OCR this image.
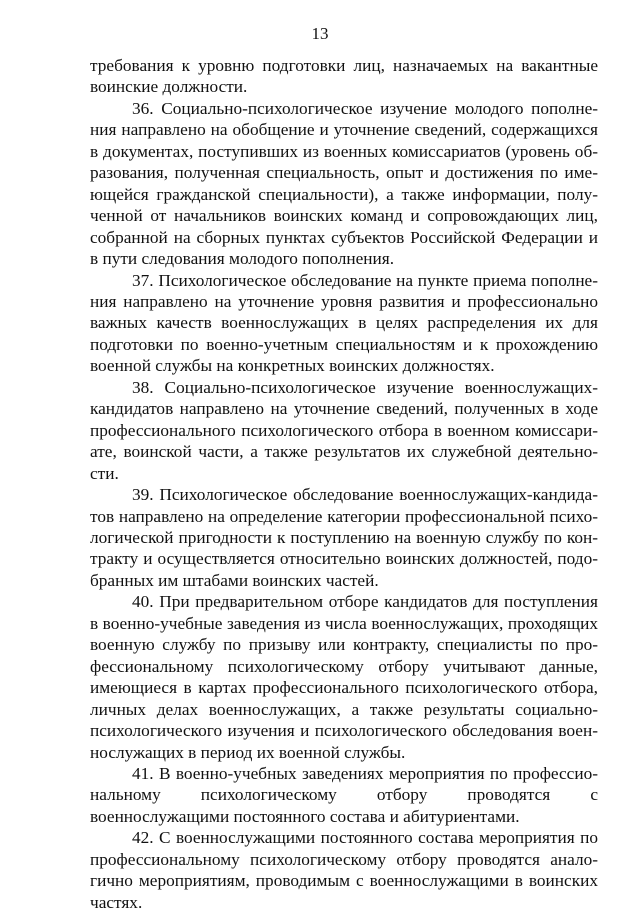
13

требования к уровню подготовки лиц, назначаемых на вакантные воинские должности.

36. Социально-психологическое изучение молодого пополнения направлено на обобщение и уточнение сведений, содержащихся в документах, поступивших из военных комиссариатов (уровень образования, полученная специальность, опыт и достижения по имеющейся гражданской специальности), а также информации, полученной от начальников воинских команд и сопровождающих лиц, собранной на сборных пунктах субъектов Российской Федерации и в пути следования молодого пополнения.

37. Психологическое обследование на пункте приема пополнения направлено на уточнение уровня развития и профессионально важных качеств военнослужащих в целях распределения их для подготовки по военно-учетным специальностям и к прохождению военной службы на конкретных воинских должностях.

38. Социально-психологическое изучение военнослужащих-кандидатов направлено на уточнение сведений, полученных в ходе профессионального психологического отбора в военном комиссариате, воинской части, а также результатов их служебной деятельности.

39. Психологическое обследование военнослужащих-кандидатов направлено на определение категории профессиональной психологической пригодности к поступлению на военную службу по контракту и осуществляется относительно воинских должностей, подобранных им штабами воинских частей.

40. При предварительном отборе кандидатов для поступления в военно-учебные заведения из числа военнослужащих, проходящих военную службу по призыву или контракту, специалисты по профессиональному психологическому отбору учитывают данные, имеющиеся в картах профессионального психологического отбора, личных делах военнослужащих, а также результаты социально-психологического изучения и психологического обследования военнослужащих в период их военной службы.

41. В военно-учебных заведениях мероприятия по профессиональному психологическому отбору проводятся с военнослужащими постоянного состава и абитуриентами.

42. С военнослужащими постоянного состава мероприятия по профессиональному психологическому отбору проводятся аналогично мероприятиям, проводимым с военнослужащими в воинских частях.
